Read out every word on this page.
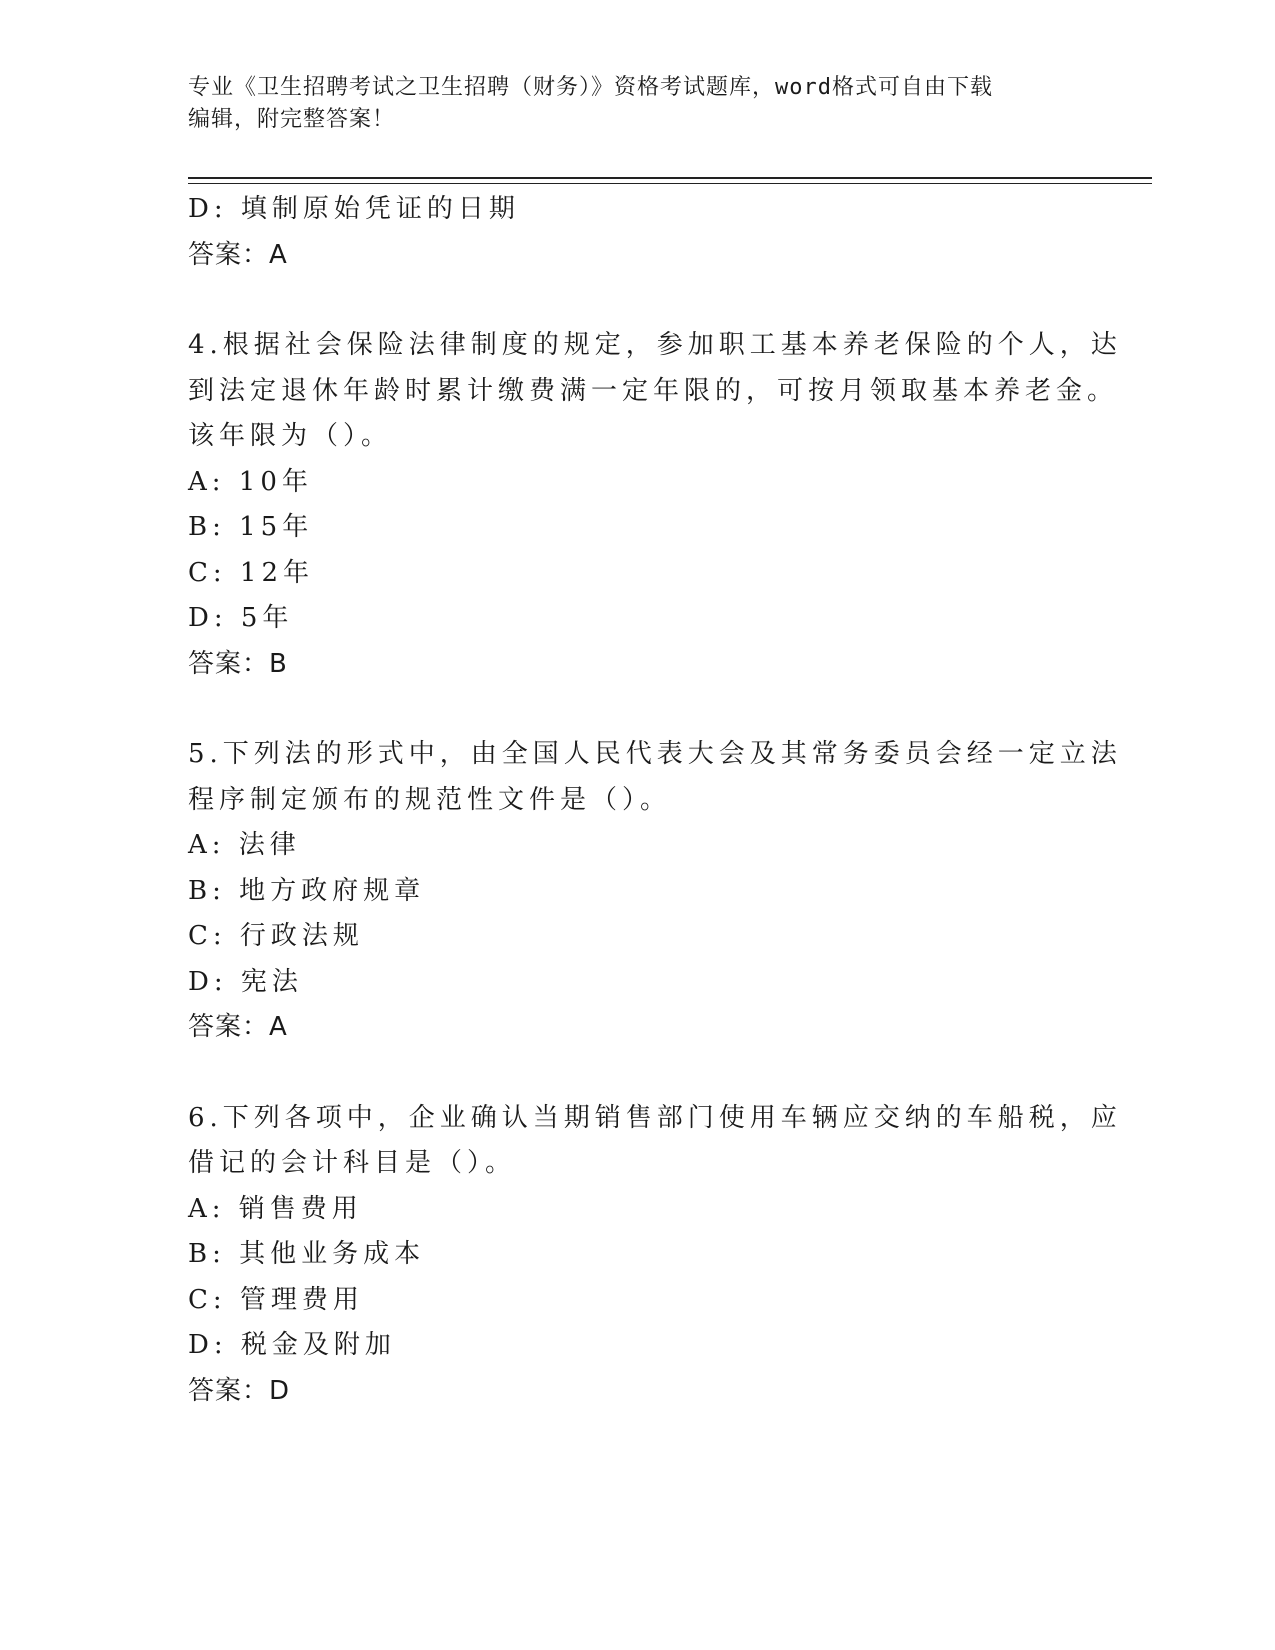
专业《卫生招聘考试之卫生招聘（财务）》资格考试题库，word格式可自由下载
编辑，附完整答案！
D: 填制原始凭证的日期
答案：A
4.根据社会保险法律制度的规定，参加职工基本养老保险的个人，达
到法定退休年龄时累计缴费满一定年限的，可按月领取基本养老金。
该年限为（）。
A: 10年
B: 15年
C: 12年
D: 5年
答案：B
5.下列法的形式中，由全国人民代表大会及其常务委员会经一定立法
程序制定颁布的规范性文件是（）。
A: 法律
B: 地方政府规章
C: 行政法规
D: 宪法
答案：A
6.下列各项中，企业确认当期销售部门使用车辆应交纳的车船税，应
借记的会计科目是（）。
A: 销售费用
B: 其他业务成本
C: 管理费用
D: 税金及附加
答案：D
